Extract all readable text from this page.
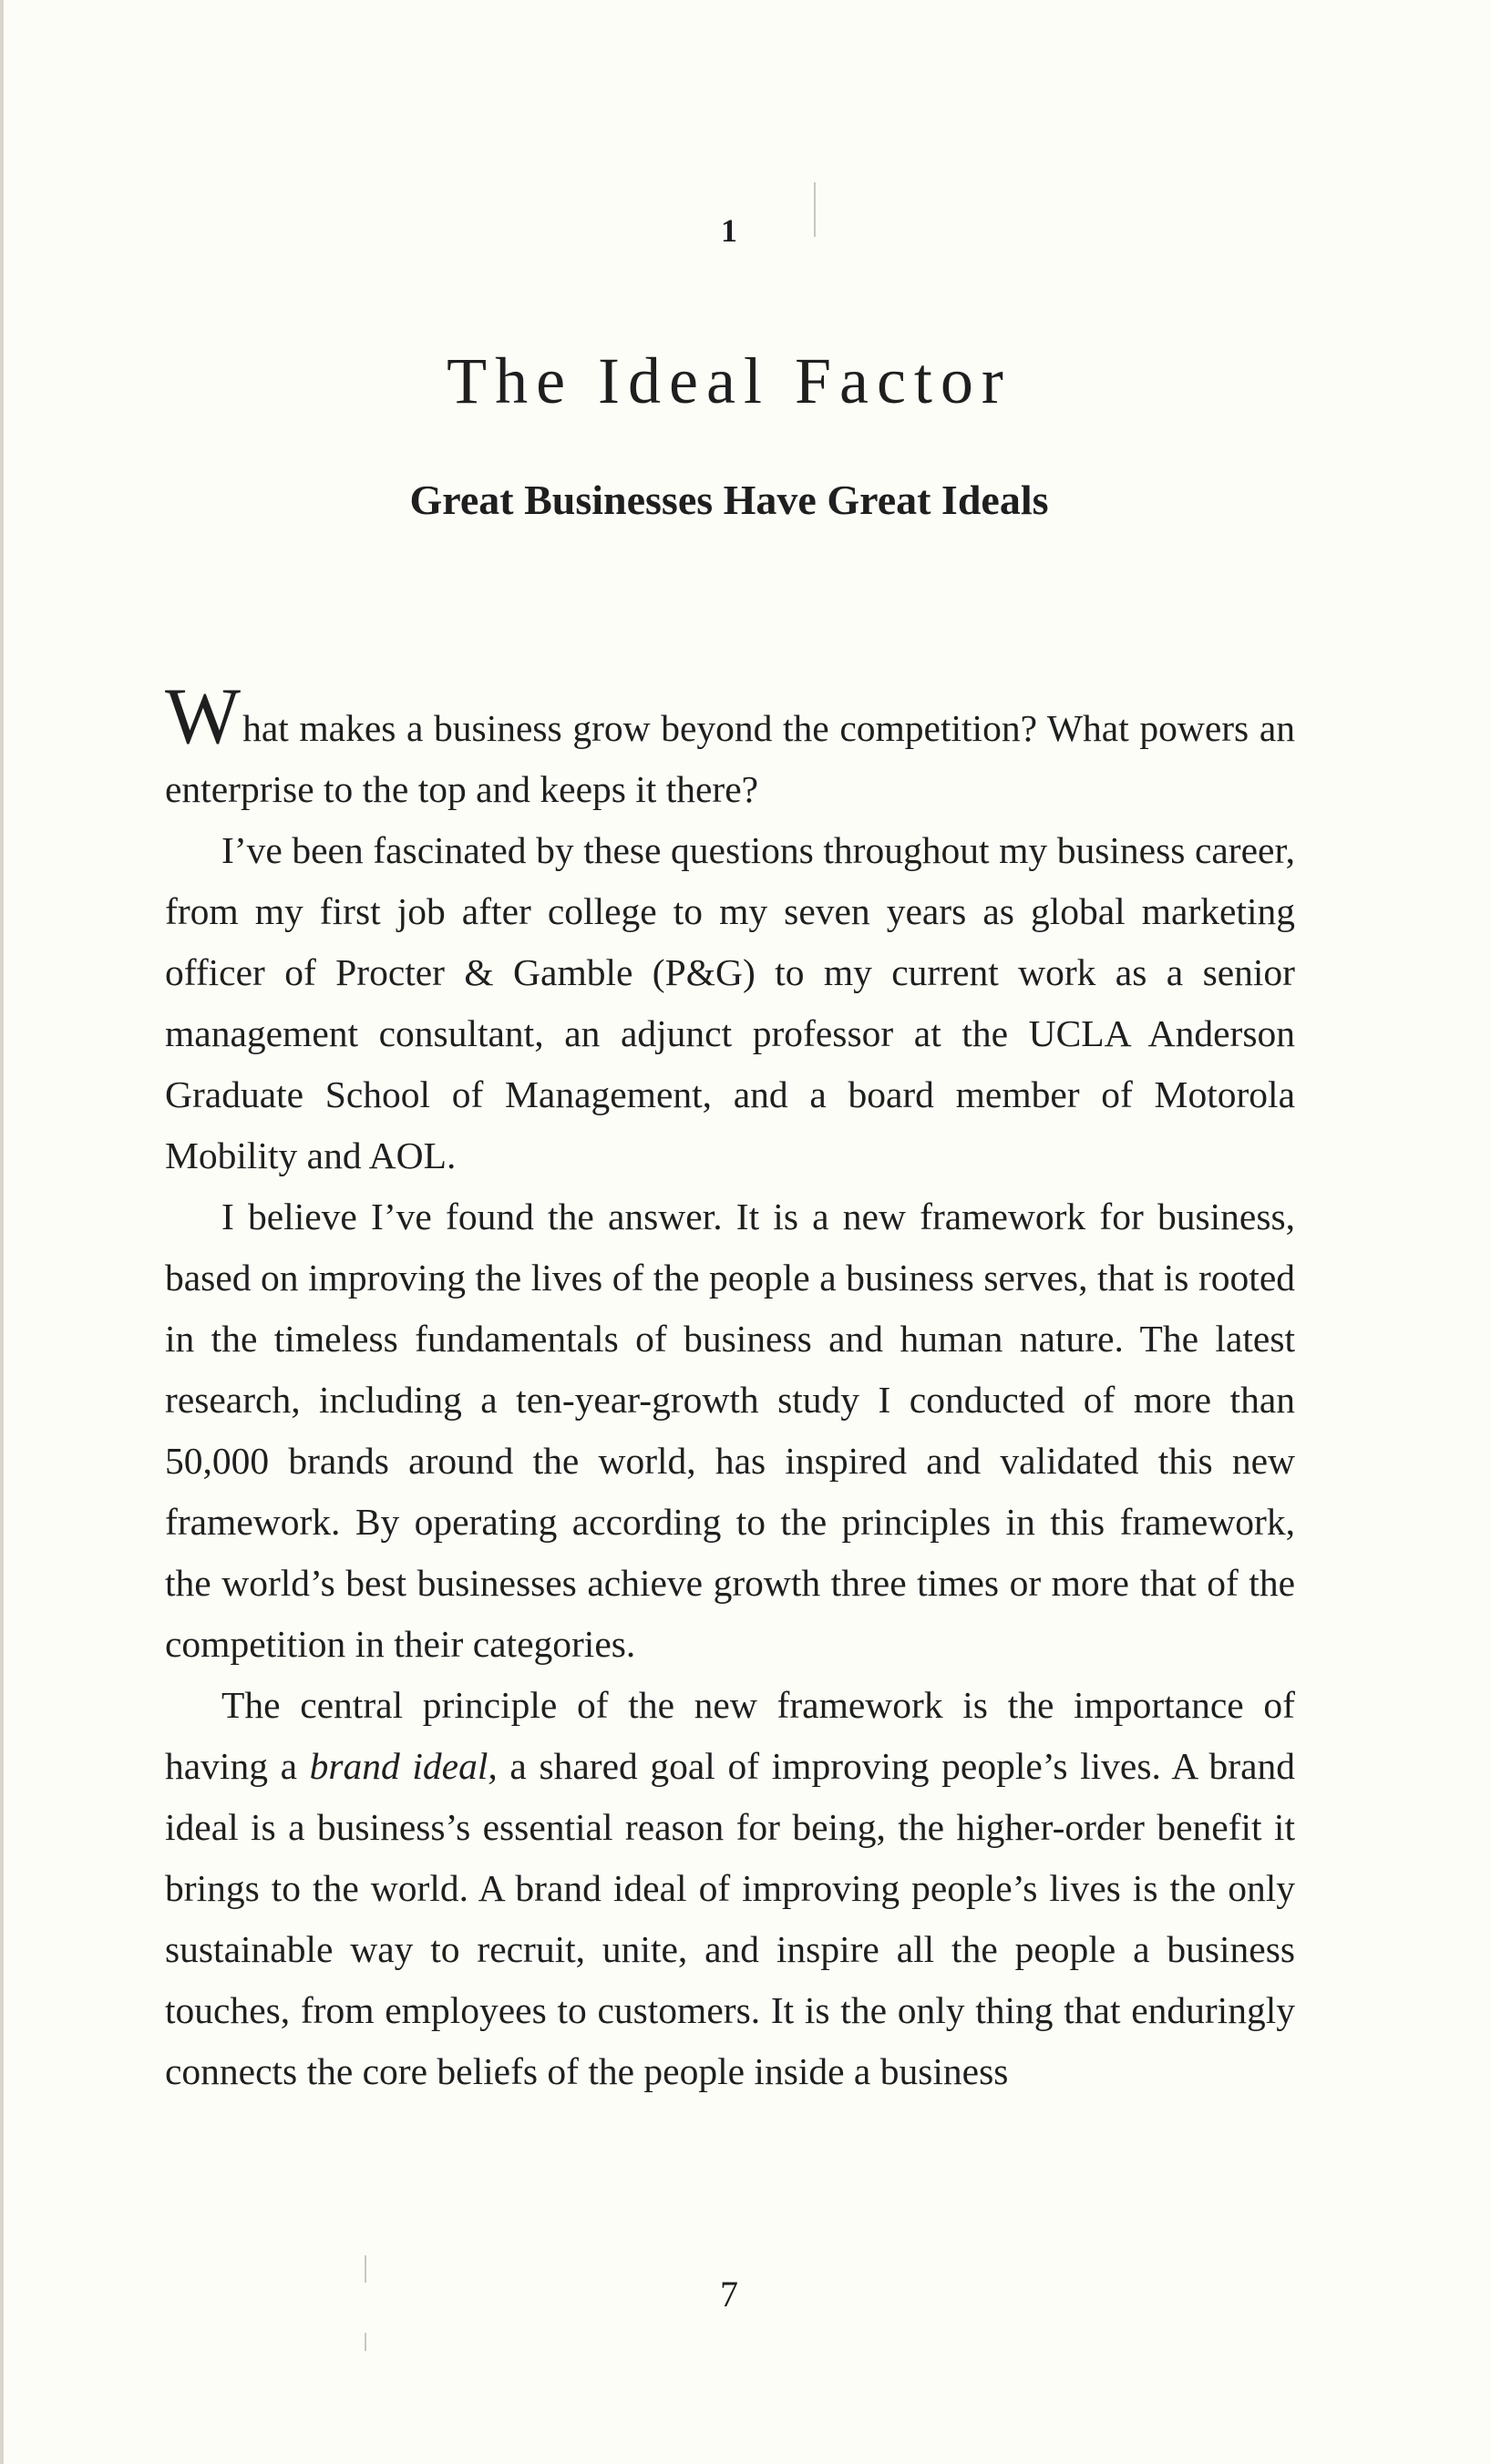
1
The Ideal Factor
Great Businesses Have Great Ideals

What makes a business grow beyond the competition? What powers an enterprise to the top and keeps it there?

I’ve been fascinated by these questions throughout my business career, from my first job after college to my seven years as global marketing officer of Procter & Gamble (P&G) to my current work as a senior management consultant, an adjunct professor at the UCLA Anderson Graduate School of Management, and a board member of Motorola Mobility and AOL.

I believe I’ve found the answer. It is a new framework for business, based on improving the lives of the people a business serves, that is rooted in the timeless fundamentals of business and human nature. The latest research, including a ten-year-growth study I conducted of more than 50,000 brands around the world, has inspired and validated this new framework. By operating according to the principles in this framework, the world’s best businesses achieve growth three times or more that of the competition in their categories.

The central principle of the new framework is the importance of having a brand ideal, a shared goal of improving people’s lives. A brand ideal is a business’s essential reason for being, the higher-order benefit it brings to the world. A brand ideal of improving people’s lives is the only sustainable way to recruit, unite, and inspire all the people a business touches, from employees to customers. It is the only thing that enduringly connects the core beliefs of the people inside a business

7
